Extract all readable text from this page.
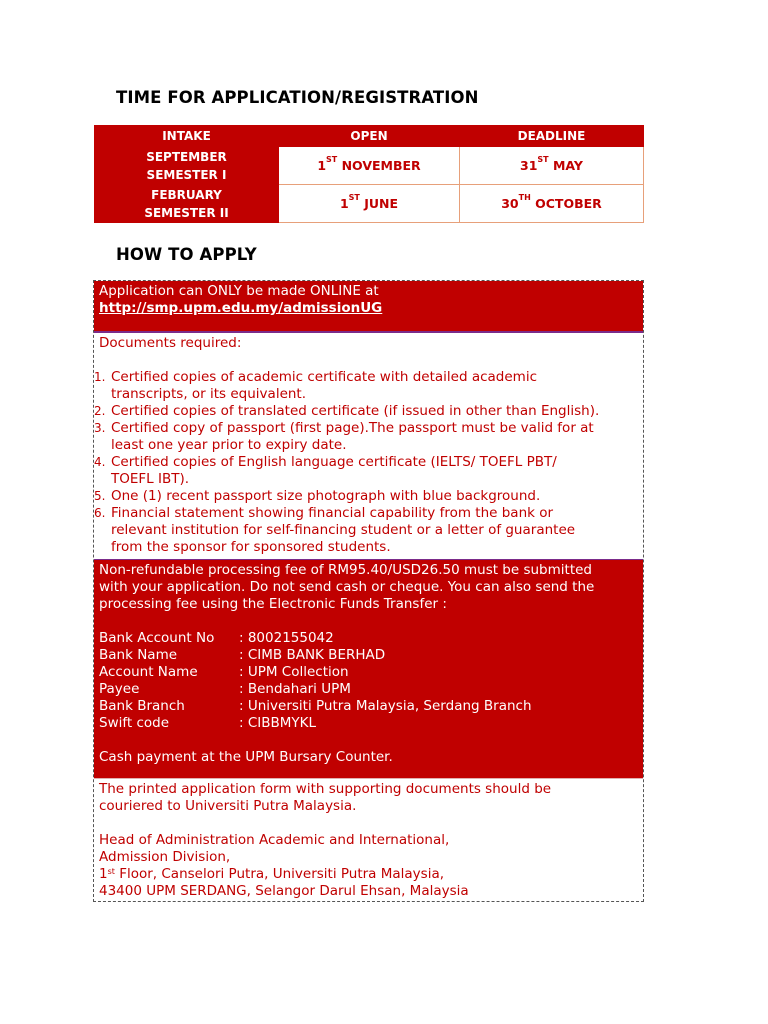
TIME FOR APPLICATION/REGISTRATION
INTAKE	OPEN	DEADLINE
SEPTEMBER
SEMESTER I	1ST NOVEMBER	31ST MAY
FEBRUARY
SEMESTER II	1ST JUNE	30TH OCTOBER
HOW TO APPLY
Application can ONLY be made ONLINE at
http://smp.upm.edu.my/admissionUG
Documents required:
1. Certified copies of academic certificate with detailed academic
transcripts, or its equivalent.
2. Certified copies of translated certificate (if issued in other than English).
3. Certified copy of passport (first page).The passport must be valid for at
least one year prior to expiry date.
4. Certified copies of English language certificate (IELTS/ TOEFL PBT/
TOEFL IBT).
5. One (1) recent passport size photograph with blue background.
6. Financial statement showing financial capability from the bank or
relevant institution for self-financing student or a letter of guarantee
from the sponsor for sponsored students.
Non-refundable processing fee of RM95.40/USD26.50 must be submitted
with your application. Do not send cash or cheque. You can also send the
processing fee using the Electronic Funds Transfer :
Bank Account No	: 8002155042
Bank Name	: CIMB BANK BERHAD
Account Name	: UPM Collection
Payee	: Bendahari UPM
Bank Branch	: Universiti Putra Malaysia, Serdang Branch
Swift code	: CIBBMYKL
Cash payment at the UPM Bursary Counter.
The printed application form with supporting documents should be
couriered to Universiti Putra Malaysia.
Head of Administration Academic and International,
Admission Division,
1st Floor, Canselori Putra, Universiti Putra Malaysia,
43400 UPM SERDANG, Selangor Darul Ehsan, Malaysia
